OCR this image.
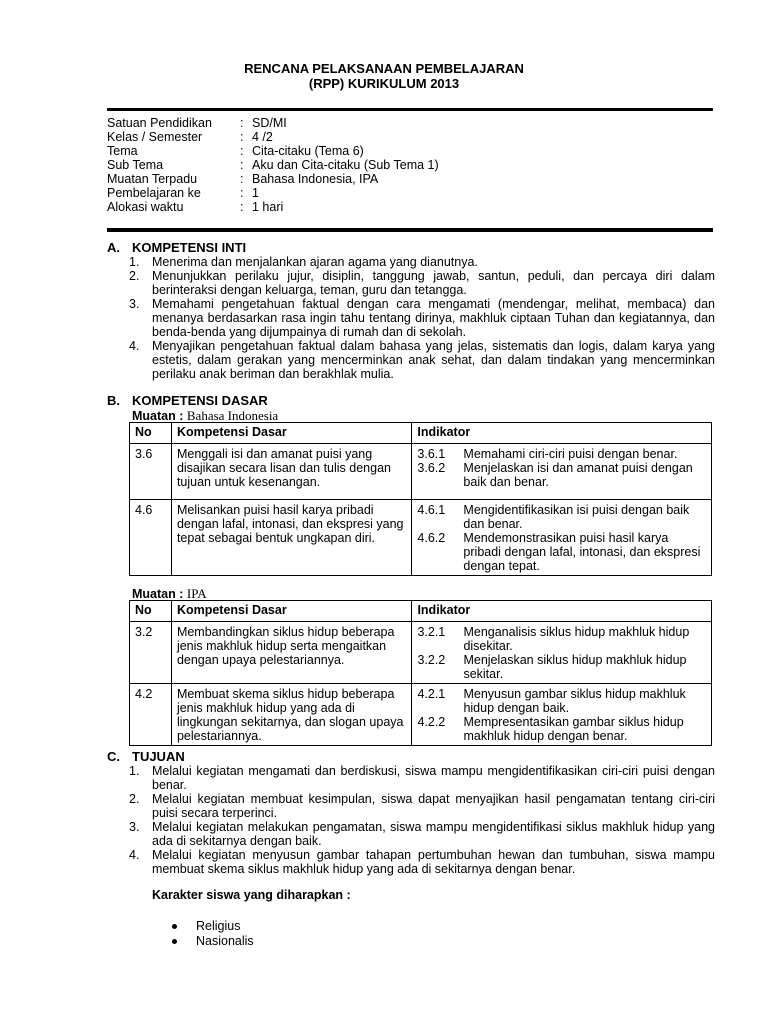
RENCANA PELAKSANAAN PEMBELAJARAN
(RPP) KURIKULUM 2013
Satuan Pendidikan : SD/MI
Kelas / Semester	: 4 /2
Tema	: Cita-citaku (Tema 6)
Sub Tema	: Aku dan Cita-citaku (Sub Tema 1)
Muatan Terpadu	: Bahasa Indonesia, IPA
Pembelajaran ke	: 1
Alokasi waktu	: 1 hari
A. KOMPETENSI INTI
1. Menerima dan menjalankan ajaran agama yang dianutnya.
2. Menunjukkan perilaku jujur, disiplin, tanggung jawab, santun, peduli, dan percaya diri dalam berinteraksi dengan keluarga, teman, guru dan tetangga.
3. Memahami pengetahuan faktual dengan cara mengamati (mendengar, melihat, membaca) dan menanya berdasarkan rasa ingin tahu tentang dirinya, makhluk ciptaan Tuhan dan kegiatannya, dan benda-benda yang dijumpainya di rumah dan di sekolah.
4. Menyajikan pengetahuan faktual dalam bahasa yang jelas, sistematis dan logis, dalam karya yang estetis, dalam gerakan yang mencerminkan anak sehat, dan dalam tindakan yang mencerminkan perilaku anak beriman dan berakhlak mulia.
B. KOMPETENSI DASAR
Muatan : Bahasa Indonesia
No	Kompetensi Dasar	Indikator
3.6	Menggali isi dan amanat puisi yang disajikan secara lisan dan tulis dengan tujuan untuk kesenangan.	3.6.1 Memahami ciri-ciri puisi dengan benar.
3.6.2 Menjelaskan isi dan amanat puisi dengan baik dan benar.

4.6	Melisankan puisi hasil karya pribadi dengan lafal, intonasi, dan ekspresi yang tepat sebagai bentuk ungkapan diri.	4.6.1 Mengidentifikasikan isi puisi dengan baik dan benar.
4.6.2 Mendemonstrasikan puisi hasil karya pribadi dengan lafal, intonasi, dan ekspresi dengan tepat.
Muatan : IPA
No	Kompetensi Dasar	Indikator
3.2	Membandingkan siklus hidup beberapa jenis makhluk hidup serta mengaitkan dengan upaya pelestariannya.	3.2.1 Menganalisis siklus hidup makhluk hidup disekitar.
3.2.2 Menjelaskan siklus hidup makhluk hidup sekitar.

4.2	Membuat skema siklus hidup beberapa jenis makhluk hidup yang ada di lingkungan sekitarnya, dan slogan upaya pelestariannya.	4.2.1 Menyusun gambar siklus hidup makhluk hidup dengan baik.
4.2.2 Mempresentasikan gambar siklus hidup makhluk hidup dengan benar.
C. TUJUAN
1. Melalui kegiatan mengamati dan berdiskusi, siswa mampu mengidentifikasikan ciri-ciri puisi dengan benar.
2. Melalui kegiatan membuat kesimpulan, siswa dapat menyajikan hasil pengamatan tentang ciri-ciri puisi secara terperinci.
3. Melalui kegiatan melakukan pengamatan, siswa mampu mengidentifikasi siklus makhluk hidup yang ada di sekitarnya dengan baik.
4. Melalui kegiatan menyusun gambar tahapan pertumbuhan hewan dan tumbuhan, siswa mampu membuat skema siklus makhluk hidup yang ada di sekitarnya dengan benar.
Karakter siswa yang diharapkan :
Religius
Nasionalis
